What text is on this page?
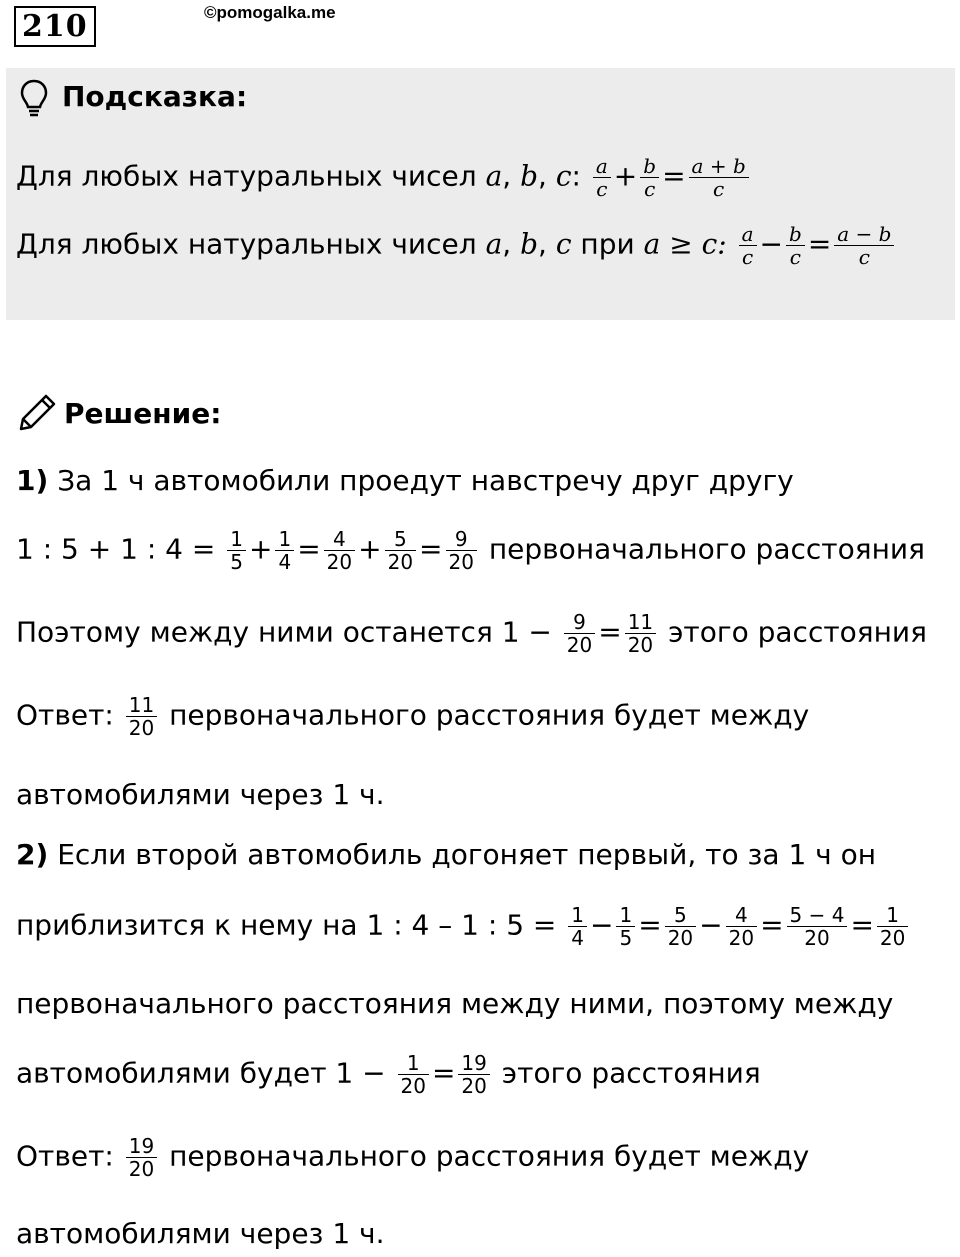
210	©pomogalka.me
Подсказка:
Для любых натуральных чисел a, b, c: $\frac{a}{c} + \frac{b}{c} = \frac{a + b}{c}$
Для любых натуральных чисел a, b, c при a ≥ c: $\frac{a}{c} - \frac{b}{c} = \frac{a - b}{c}$
Решение:
1) За 1 ч автомобили проедут навстречу друг другу
1 : 5 + 1 : $4 = \frac{1}{5} + \frac{1}{4} = \frac{4}{20} + \frac{5}{20} = \frac{9}{20}$ первоначального расстояния
Поэтому между ними останется $1 - \frac{9}{20} = \frac{11}{20}$ этого расстояния
Ответ: $\frac{11}{20}$ первоначального расстояния будет между
автомобилями через 1 ч.
2) Если второй автомобиль догоняет первый, то за 1 ч он
приблизится к нему на 1 : 4 – 1 : $5 = \frac{1}{4} - \frac{1}{5} = \frac{5}{20} - \frac{4}{20} = \frac{5 - 4}{20} = \frac{1}{20}$
первоначального расстояния между ними, поэтому между
автомобилями будет $1 - \frac{1}{20} = \frac{19}{20}$ этого расстояния
Ответ: $\frac{19}{20}$ первоначального расстояния будет между
автомобилями через 1 ч.
